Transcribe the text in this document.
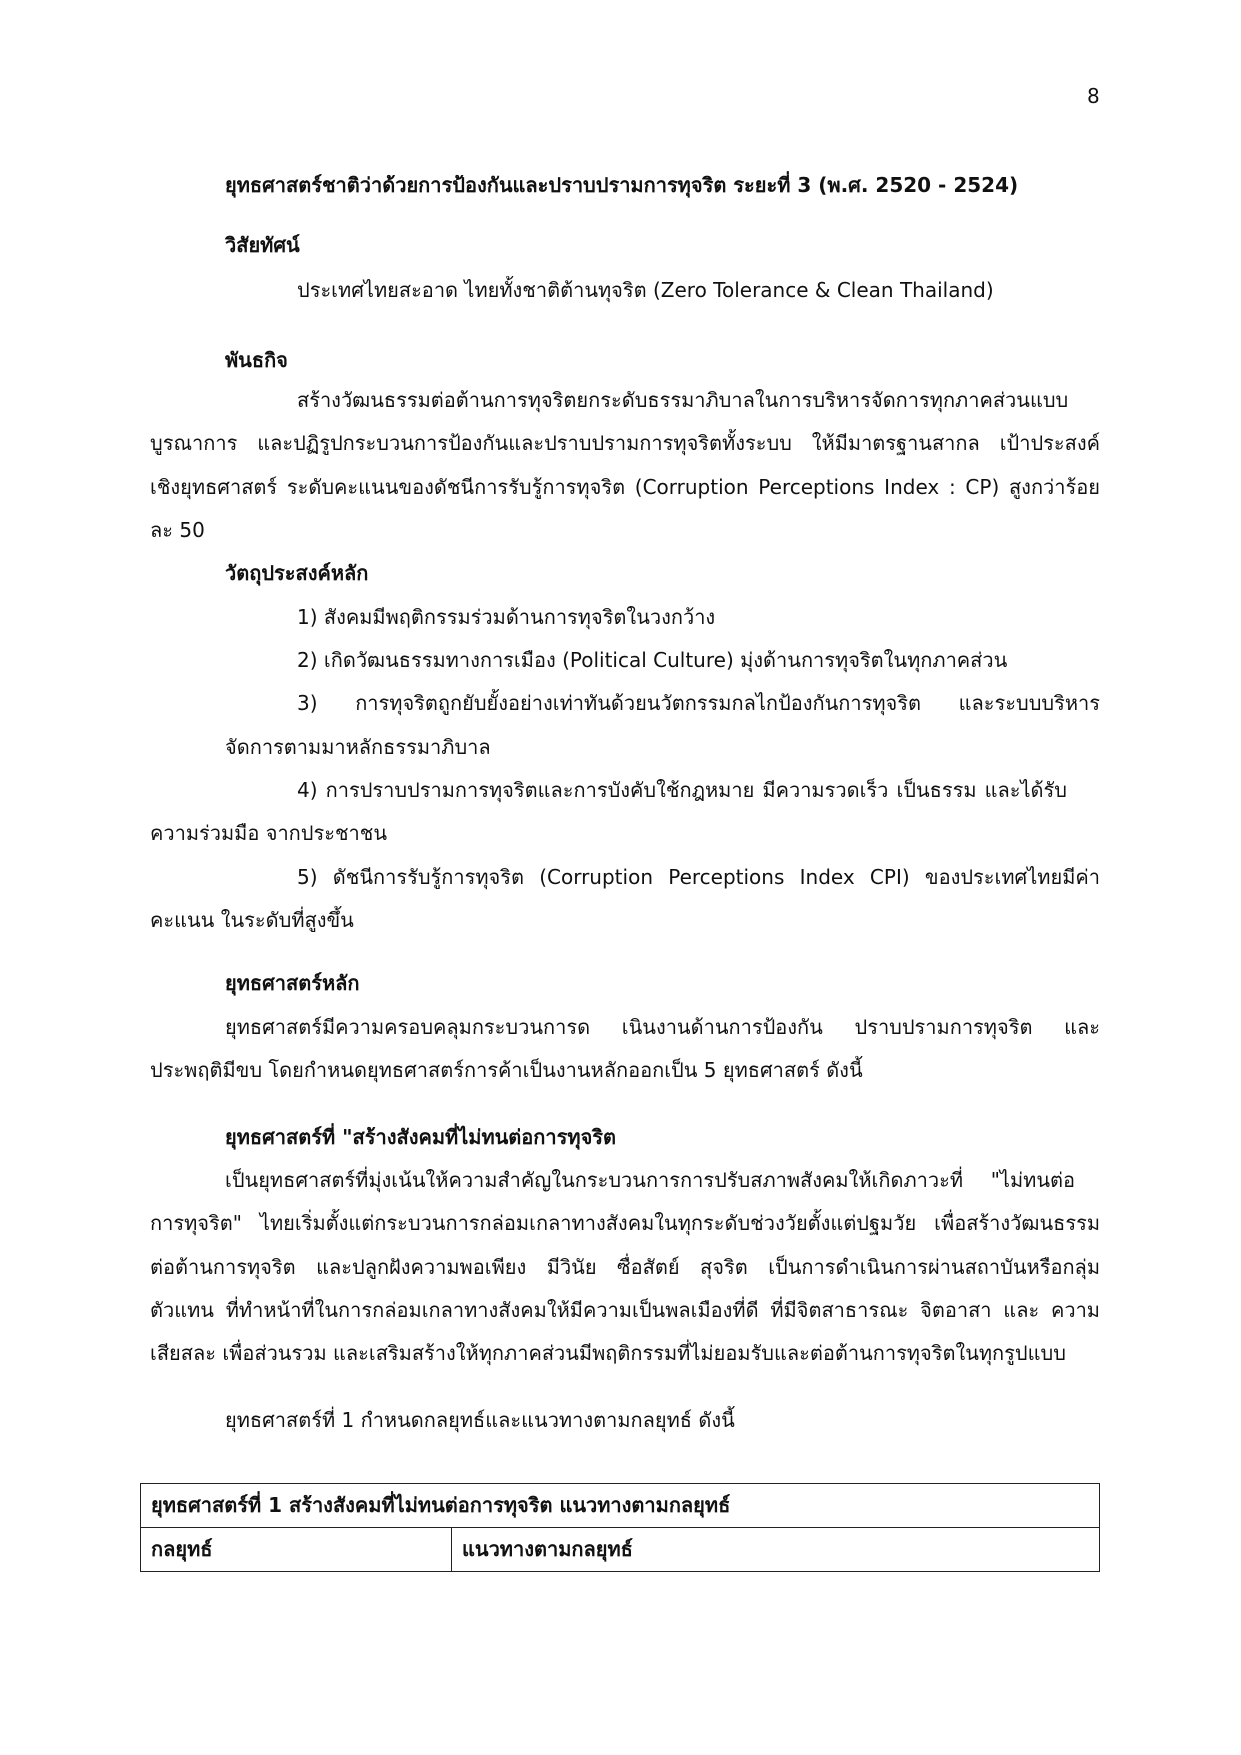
8
ยุทธศาสตร์ชาติว่าด้วยการป้องกันและปราบปรามการทุจริต ระยะที่ 3 (พ.ศ. 2520 - 2524)
วิสัยทัศน์
ประเทศไทยสะอาด ไทยทั้งชาติต้านทุจริต (Zero Tolerance & Clean Thailand)
พันธกิจ
สร้างวัฒนธรรมต่อต้านการทุจริตยกระดับธรรมาภิบาลในการบริหารจัดการทุกภาคส่วนแบบ
บูรณาการ และปฏิรูปกระบวนการป้องกันและปราบปรามการทุจริตทั้งระบบ ให้มีมาตรฐานสากล เป้าประสงค์
เชิงยุทธศาสตร์ ระดับคะแนนของดัชนีการรับรู้การทุจริต (Corruption Perceptions Index : CP) สูงกว่าร้อย
ละ 50
วัตถุประสงค์หลัก
1) สังคมมีพฤติกรรมร่วมด้านการทุจริตในวงกว้าง
2) เกิดวัฒนธรรมทางการเมือง (Political Culture) มุ่งด้านการทุจริตในทุกภาคส่วน
3) การทุจริตถูกยับยั้งอย่างเท่าทันด้วยนวัตกรรมกลไกป้องกันการทุจริต และระบบบริหาร
จัดการตามมาหลักธรรมาภิบาล
4) การปราบปรามการทุจริตและการบังคับใช้กฎหมาย มีความรวดเร็ว เป็นธรรม และได้รับ
ความร่วมมือ จากประชาชน
5) ดัชนีการรับรู้การทุจริต (Corruption Perceptions Index CPI) ของประเทศไทยมีค่า
คะแนน ในระดับที่สูงขึ้น
ยุทธศาสตร์หลัก
ยุทธศาสตร์มีความครอบคลุมกระบวนการด เนินงานด้านการป้องกัน ปราบปรามการทุจริต และ
ประพฤติมีขบ โดยกำหนดยุทธศาสตร์การค้าเป็นงานหลักออกเป็น 5 ยุทธศาสตร์ ดังนี้
ยุทธศาสตร์ที่ "สร้างสังคมที่ไม่ทนต่อการทุจริต
เป็นยุทธศาสตร์ที่มุ่งเน้นให้ความสำคัญในกระบวนการการปรับสภาพสังคมให้เกิดภาวะที่ "ไม่ทนต่อ
การทุจริต" ไทยเริ่มตั้งแต่กระบวนการกล่อมเกลาทางสังคมในทุกระดับช่วงวัยตั้งแต่ปฐมวัย เพื่อสร้างวัฒนธรรม
ต่อต้านการทุจริต และปลูกฝังความพอเพียง มีวินัย ซื่อสัตย์ สุจริต เป็นการดำเนินการผ่านสถาบันหรือกลุ่ม
ตัวแทน ที่ทำหน้าที่ในการกล่อมเกลาทางสังคมให้มีความเป็นพลเมืองที่ดี ที่มีจิตสาธารณะ จิตอาสา และ ความ
เสียสละ เพื่อส่วนรวม และเสริมสร้างให้ทุกภาคส่วนมีพฤติกรรมที่ไม่ยอมรับและต่อต้านการทุจริตในทุกรูปแบบ
ยุทธศาสตร์ที่ 1 กำหนดกลยุทธ์และแนวทางตามกลยุทธ์ ดังนี้
ยุทธศาสตร์ที่ 1 สร้างสังคมที่ไม่ทนต่อการทุจริต แนวทางตามกลยุทธ์
กลยุทธ์	แนวทางตามกลยุทธ์
